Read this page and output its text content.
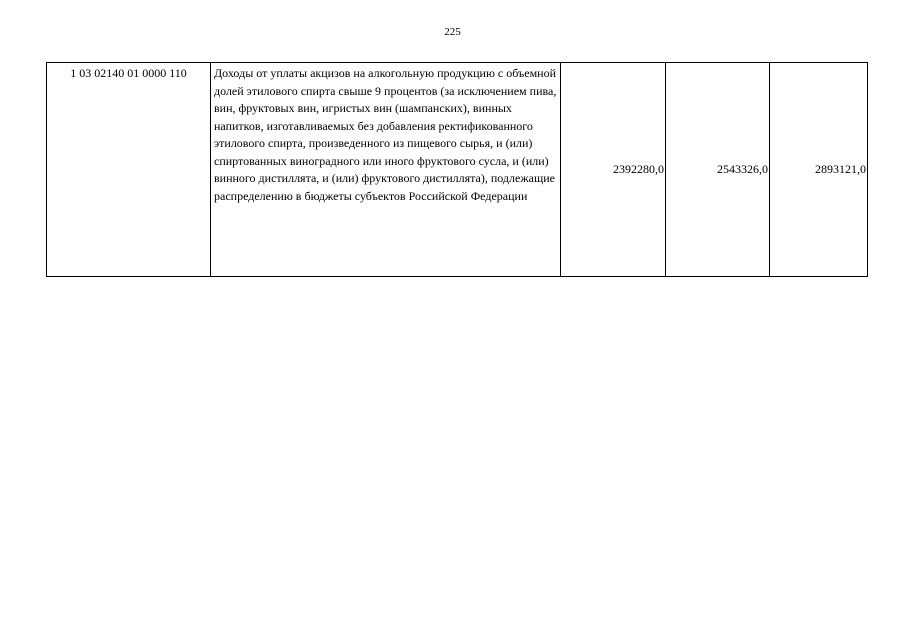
225
1 03 02140 01 0000 110	Доходы от уплаты акцизов на алкогольную продукцию с объемной долей этилового спирта свыше 9 процентов (за исключением пива, вин, фруктовых вин, игристых вин (шампанских), винных напитков, изготавливаемых без добавления ректификованного этилового спирта, произведенного из пищевого сырья, и (или) спиртованных виноградного или иного фруктового сусла, и (или) винного дистиллята, и (или) фруктового дистиллята), подлежащие распределению в бюджеты субъектов Российской Федерации	2392280,0	2543326,0	2893121,0
